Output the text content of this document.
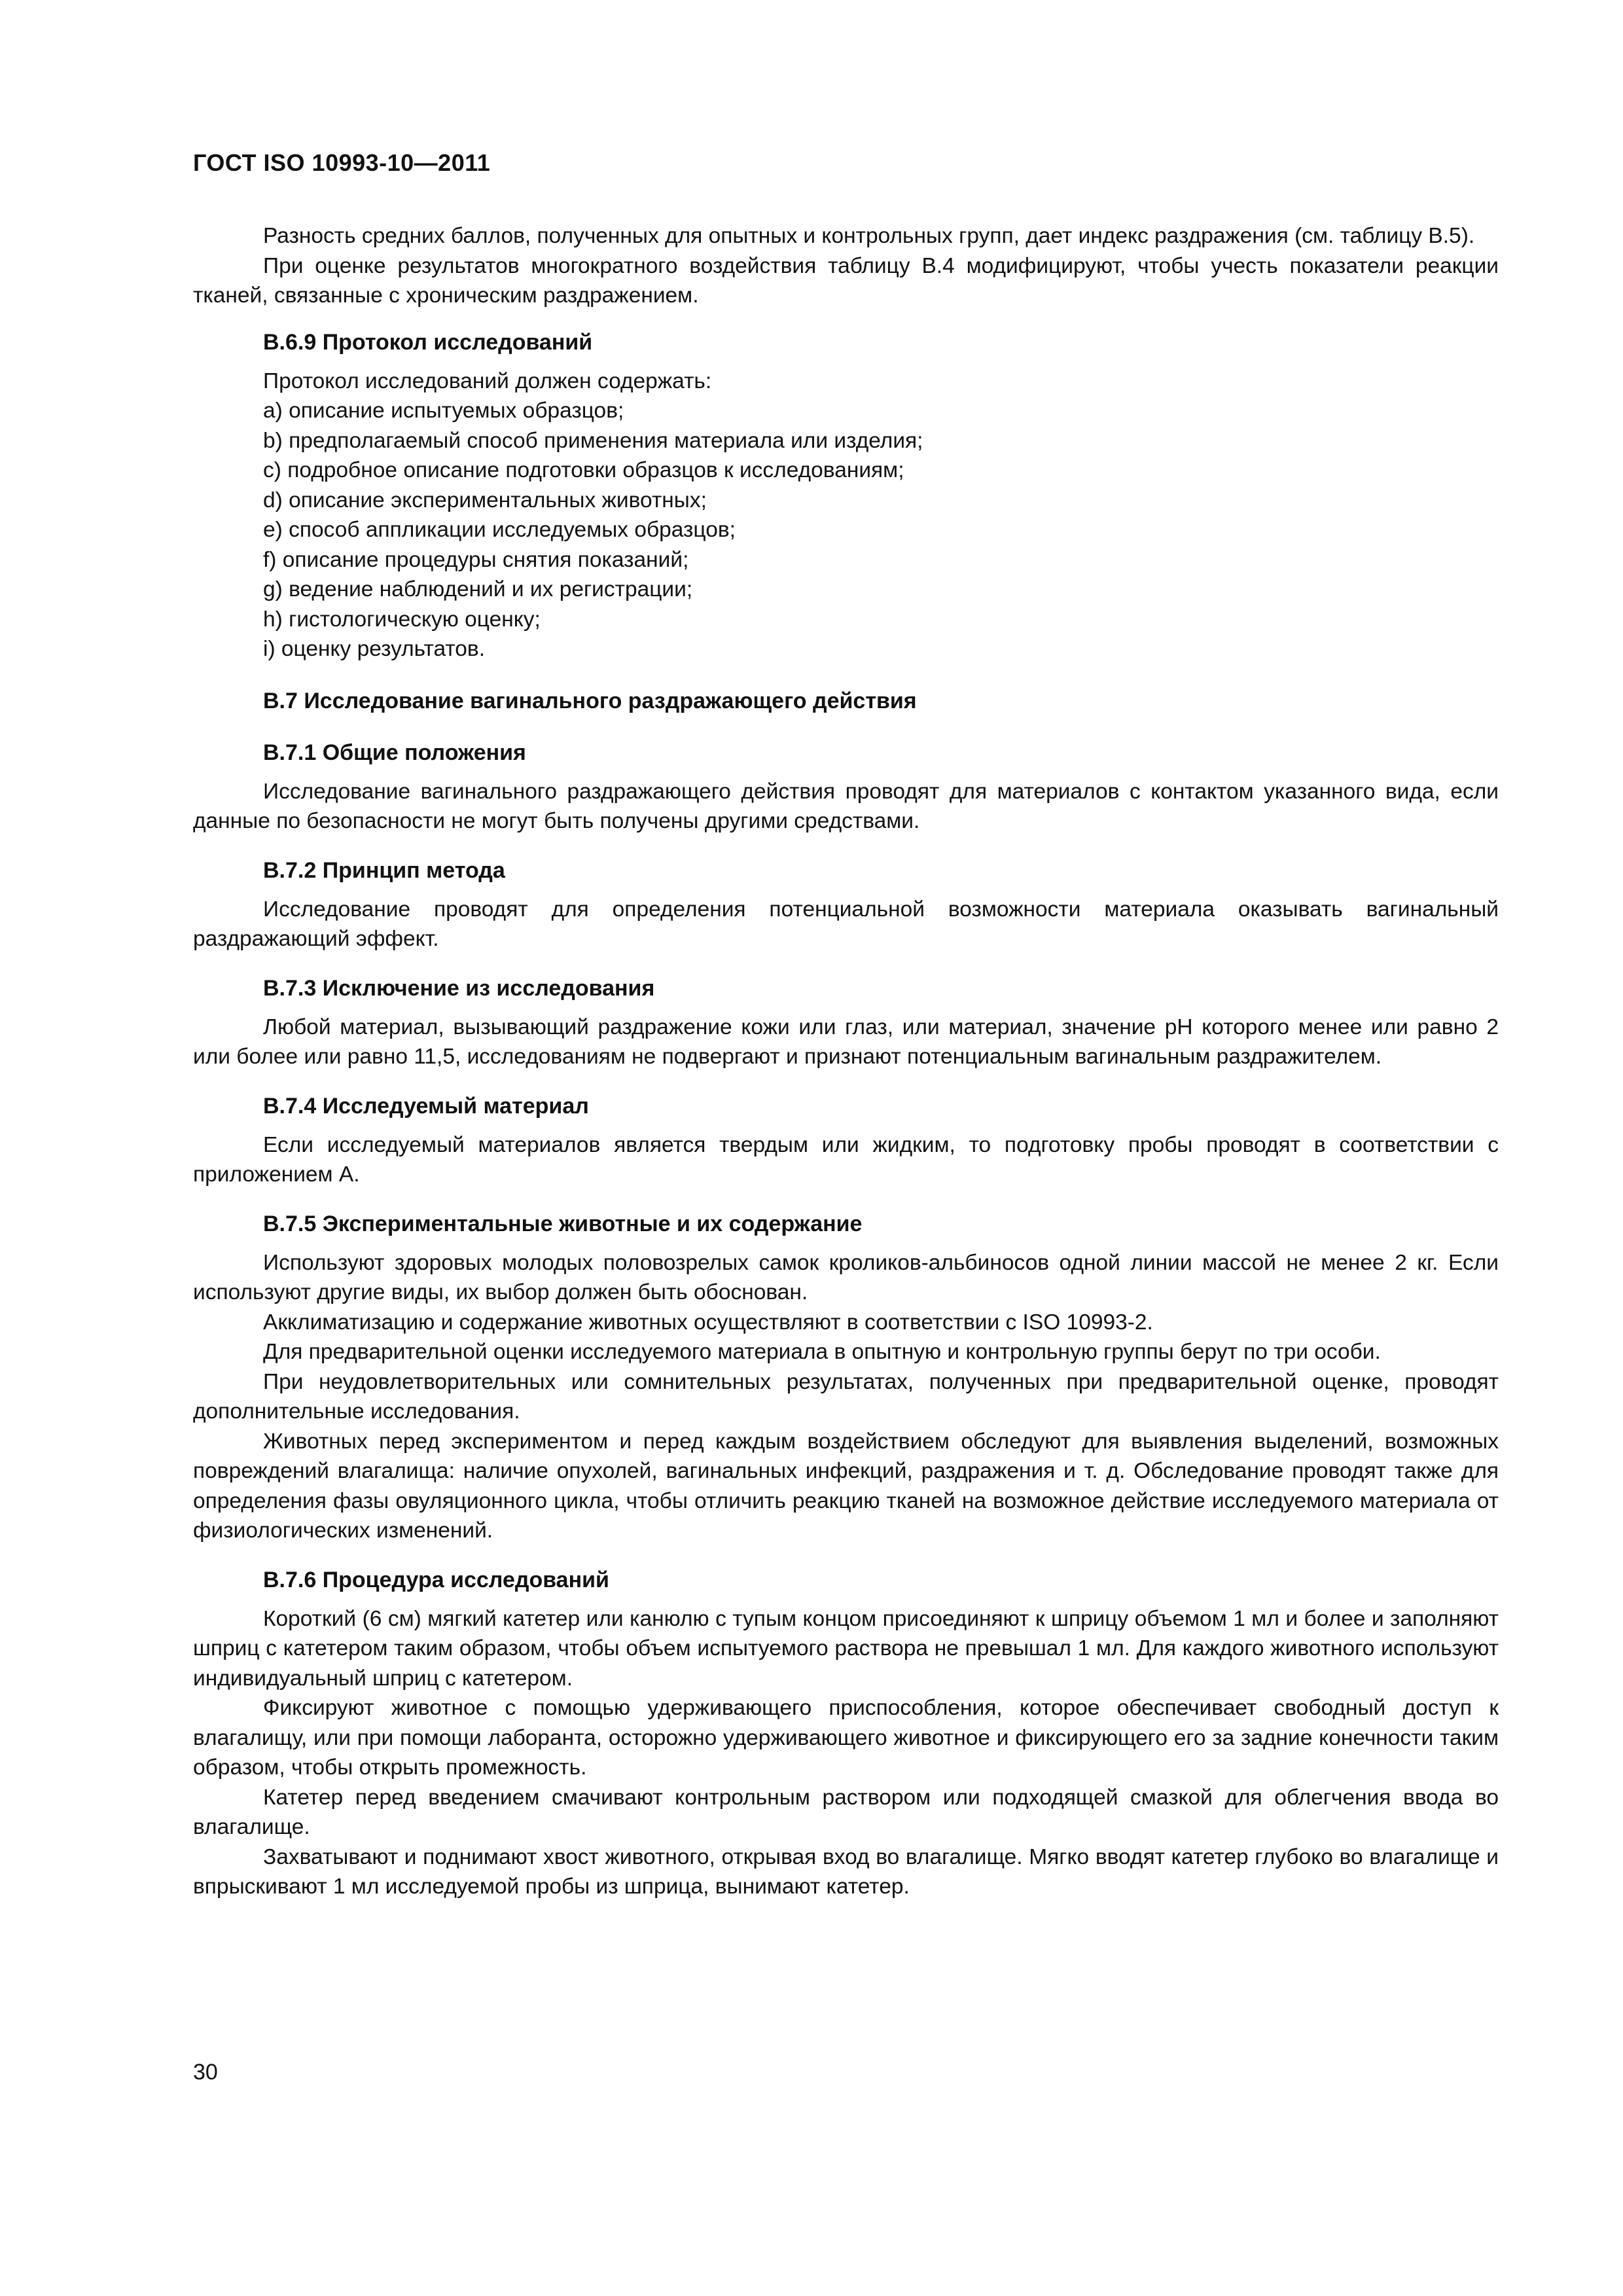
ГОСТ ISO 10993-10—2011

Разность средних баллов, полученных для опытных и контрольных групп, дает индекс раздражения (см. таблицу В.5).

При оценке результатов многократного воздействия таблицу В.4 модифицируют, чтобы учесть показатели реакции тканей, связанные с хроническим раздражением.

В.6.9 Протокол исследований

Протокол исследований должен содержать:

а) описание испытуемых образцов;
b) предполагаемый способ применения материала или изделия;
с) подробное описание подготовки образцов к исследованиям;
d) описание экспериментальных животных;
е) способ аппликации исследуемых образцов;
f) описание процедуры снятия показаний;
g) ведение наблюдений и их регистрации;
h) гистологическую оценку;
i) оценку результатов.
В.7 Исследование вагинального раздражающего действия
В.7.1 Общие положения

Исследование вагинального раздражающего действия проводят для материалов с контактом указанного вида, если данные по безопасности не могут быть получены другими средствами.

В.7.2 Принцип метода

Исследование проводят для определения потенциальной возможности материала оказывать вагинальный раздражающий эффект.

В.7.3 Исключение из исследования

Любой материал, вызывающий раздражение кожи или глаз, или материал, значение pH которого менее или равно 2 или более или равно 11,5, исследованиям не подвергают и признают потенциальным вагинальным раздражителем.

В.7.4 Исследуемый материал

Если исследуемый материалов является твердым или жидким, то подготовку пробы проводят в соответствии с приложением А.

В.7.5 Экспериментальные животные и их содержание

Используют здоровых молодых половозрелых самок кроликов-альбиносов одной линии массой не менее 2 кг. Если используют другие виды, их выбор должен быть обоснован.

Акклиматизацию и содержание животных осуществляют в соответствии с ISO 10993-2.

Для предварительной оценки исследуемого материала в опытную и контрольную группы берут по три особи.

При неудовлетворительных или сомнительных результатах, полученных при предварительной оценке, проводят дополнительные исследования.

Животных перед экспериментом и перед каждым воздействием обследуют для выявления выделений, возможных повреждений влагалища: наличие опухолей, вагинальных инфекций, раздражения и т. д. Обследование проводят также для определения фазы овуляционного цикла, чтобы отличить реакцию тканей на возможное действие исследуемого материала от физиологических изменений.

В.7.6 Процедура исследований

Короткий (6 см) мягкий катетер или канюлю с тупым концом присоединяют к шприцу объемом 1 мл и более и заполняют шприц с катетером таким образом, чтобы объем испытуемого раствора не превышал 1 мл. Для каждого животного используют индивидуальный шприц с катетером.

Фиксируют животное с помощью удерживающего приспособления, которое обеспечивает свободный доступ к влагалищу, или при помощи лаборанта, осторожно удерживающего животное и фиксирующего его за задние конечности таким образом, чтобы открыть промежность.

Катетер перед введением смачивают контрольным раствором или подходящей смазкой для облегчения ввода во влагалище.

Захватывают и поднимают хвост животного, открывая вход во влагалище. Мягко вводят катетер глубоко во влагалище и впрыскивают 1 мл исследуемой пробы из шприца, вынимают катетер.

30
